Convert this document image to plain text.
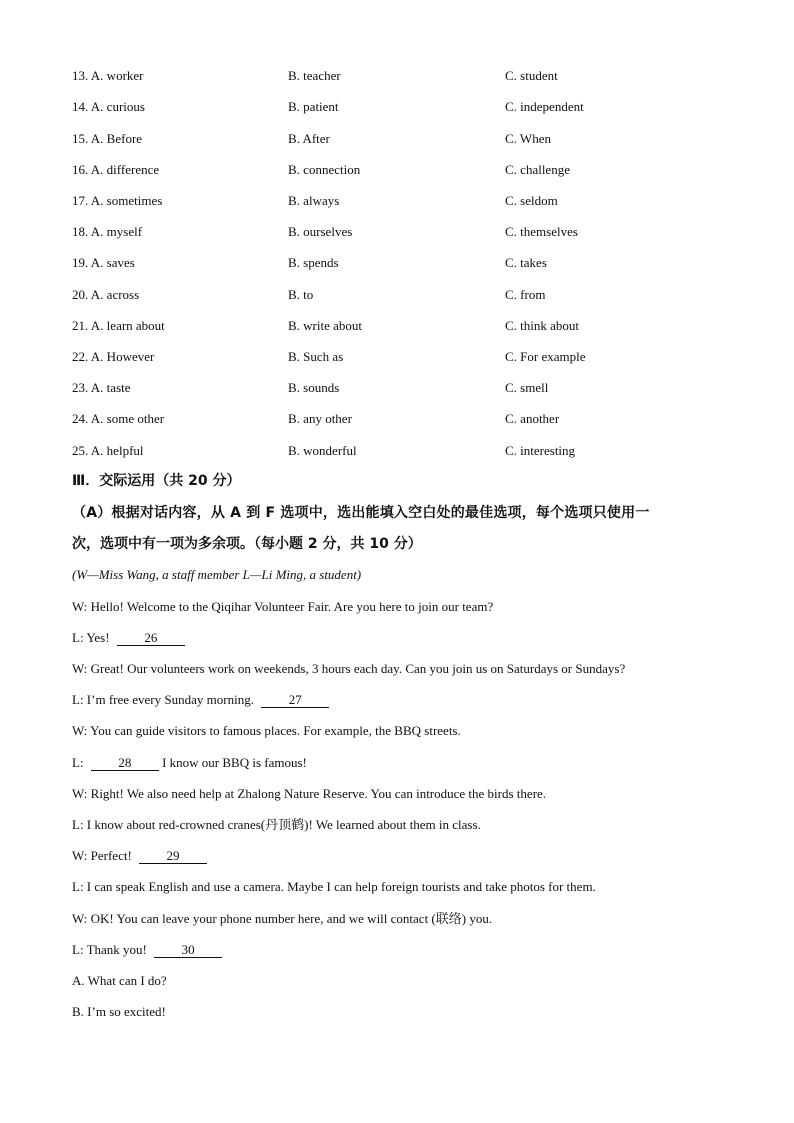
13. A. worker	B. teacher	C. student
14. A. curious	B. patient	C. independent
15. A. Before	B. After	C. When
16. A. difference	B. connection	C. challenge
17. A. sometimes	B. always	C. seldom
18. A. myself	B. ourselves	C. themselves
19. A. saves	B. spends	C. takes
20. A. across	B. to	C. from
21. A. learn about	B. write about	C. think about
22. A. However	B. Such as	C. For example
23. A. taste	B. sounds	C. smell
24. A. some other	B. any other	C. another
25. A. helpful	B. wonderful	C. interesting
Ⅲ．交际运用（共 20 分）
（A）根据对话内容，从 A 到 F 选项中，选出能填入空白处的最佳选项，每个选项只使用一
次，选项中有一项为多余项。（每小题 2 分，共 10 分）
(W—Miss Wang, a staff member L—Li Ming, a student)
W: Hello! Welcome to the Qiqihar Volunteer Fair. Are you here to join our team?
L: Yes! 26
W: Great! Our volunteers work on weekends, 3 hours each day. Can you join us on Saturdays or Sundays?
L: I’m free every Sunday morning. 27
W: You can guide visitors to famous places. For example, the BBQ streets.
L: 28 I know our BBQ is famous!
W: Right! We also need help at Zhalong Nature Reserve. You can introduce the birds there.
L: I know about red-crowned cranes(丹顶鹤)! We learned about them in class.
W: Perfect! 29
L: I can speak English and use a camera. Maybe I can help foreign tourists and take photos for them.
W: OK! You can leave your phone number here, and we will contact (联络) you.
L: Thank you! 30
A. What can I do?
B. I’m so excited!
